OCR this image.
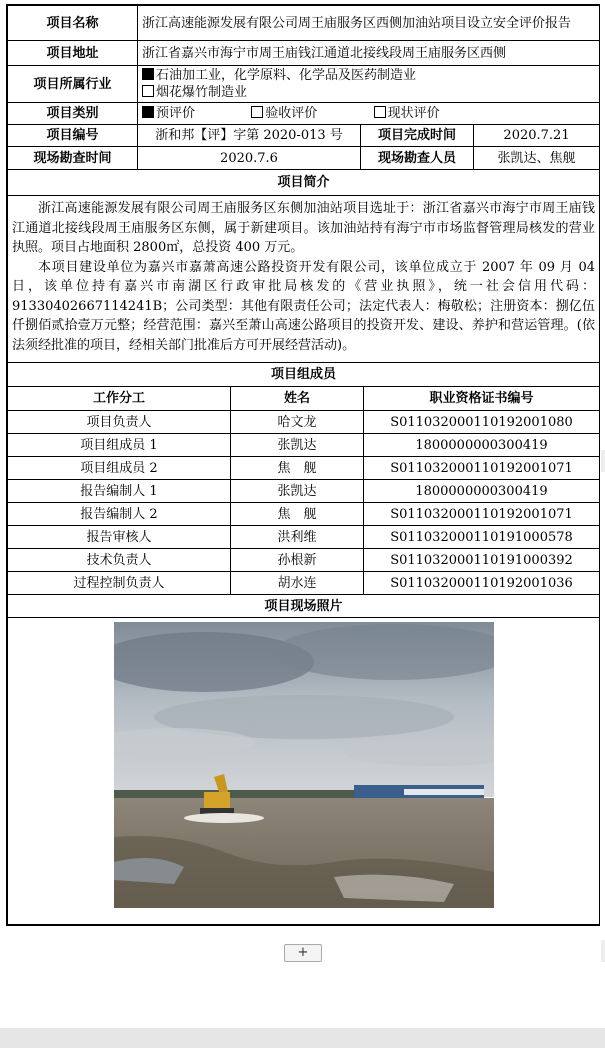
项目名称	浙江高速能源发展有限公司周王庙服务区西侧加油站项目设立安全评价报告		
项目地址	浙江省嘉兴市海宁市周王庙钱江通道北接线段周王庙服务区西侧		
项目所属行业	石油加工业，化学原料、化学品及医药制造业
烟花爆竹制造业		

项目类别	预评价 验收评价 现状评价		
项目编号	浙和邦【评】字第 2020-013 号	项目完成时间	2020.7.21
现场勘查时间	2020.7.6	现场勘查人员	张凯达、焦舰
项目简介			

浙江高速能源发展有限公司周王庙服务区东侧加油站项目选址于：浙江省嘉兴市海宁市周王庙钱江通道北接线段周王庙服务区东侧，属于新建项目。该加油站持有海宁市市场监督管理局核发的营业执照。项目占地面积 2800㎡，总投资 400 万元。

本项目建设单位为嘉兴市嘉萧高速公路投资开发有限公司，该单位成立于 2007 年 09 月 04 日，该单位持有嘉兴市南湖区行政审批局核发的《营业执照》，统一社会信用代码：91330402667114241B；公司类型：其他有限责任公司；法定代表人：梅敬松；注册资本：捌亿伍仟捌佰贰拾壹万元整；经营范围：嘉兴至萧山高速公路项目的投资开发、建设、养护和营运管理。(依法须经批准的项目，经相关部门批准后方可开展经营活动)。			

项目组成员			
工作分工	姓名	职业资格证书编号
项目负责人	哈文龙	S011032000110192001080
项目组成员 1	张凯达	1800000000300419
项目组成员 2	焦　舰	S011032000110192001071
报告编制人 1	张凯达	1800000000300419
报告编制人 2	焦　舰	S011032000110192001071
报告审核人	洪利维	S011032000110191000578
技术负责人	孙根新	S011032000110191000392
过程控制负责人	胡水连	S011032000110192001036
项目现场照片		

+
